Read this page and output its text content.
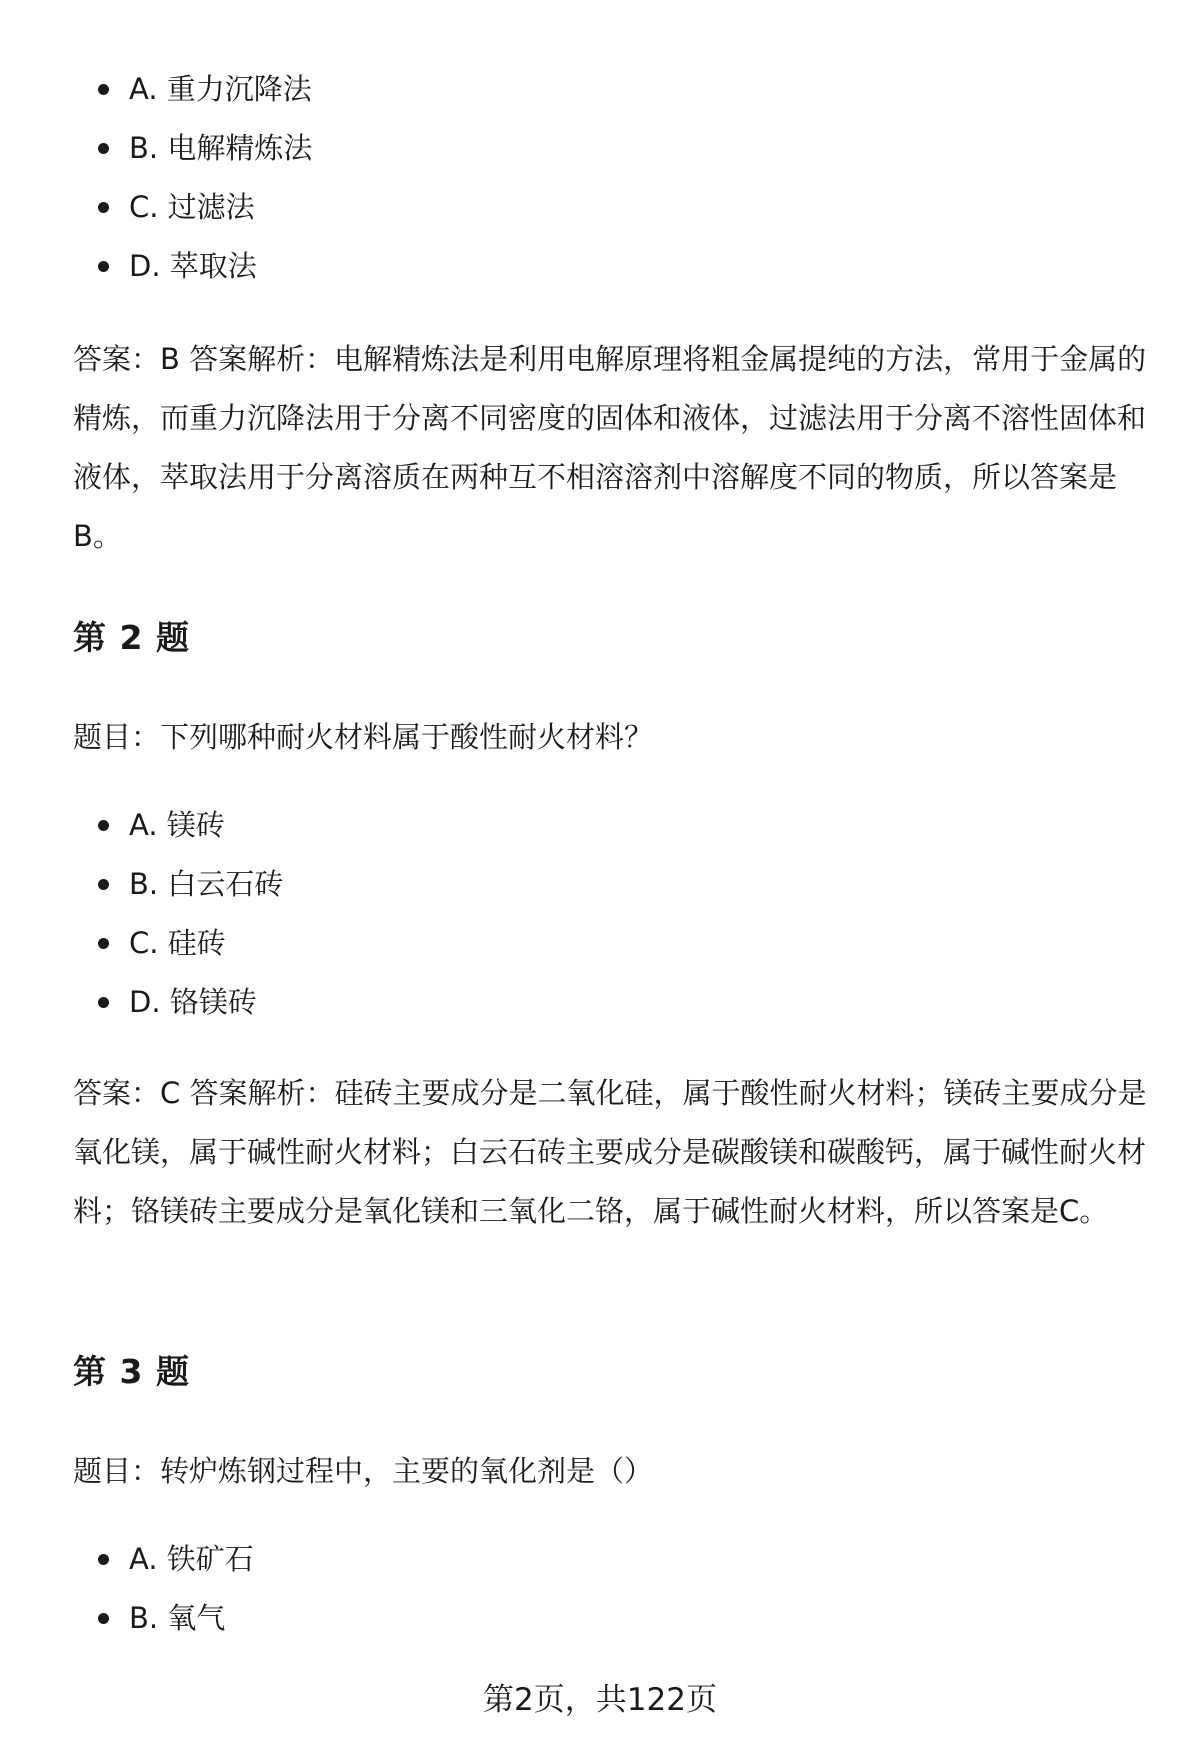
A. 重力沉降法
B. 电解精炼法
C. 过滤法
D. 萃取法

答案：B 答案解析：电解精炼法是利用电解原理将粗金属提纯的方法，常用于金属的精炼，而重力沉降法用于分离不同密度的固体和液体，过滤法用于分离不溶性固体和液体，萃取法用于分离溶质在两种互不相溶溶剂中溶解度不同的物质，所以答案是B。

第 2 题

题目：下列哪种耐火材料属于酸性耐火材料？

A. 镁砖
B. 白云石砖
C. 硅砖
D. 铬镁砖

答案：C 答案解析：硅砖主要成分是二氧化硅，属于酸性耐火材料；镁砖主要成分是氧化镁，属于碱性耐火材料；白云石砖主要成分是碳酸镁和碳酸钙，属于碱性耐火材料；铬镁砖主要成分是氧化镁和三氧化二铬，属于碱性耐火材料，所以答案是C。

第 3 题

题目：转炉炼钢过程中，主要的氧化剂是（）

A. 铁矿石
B. 氧气
第2页，共122页
